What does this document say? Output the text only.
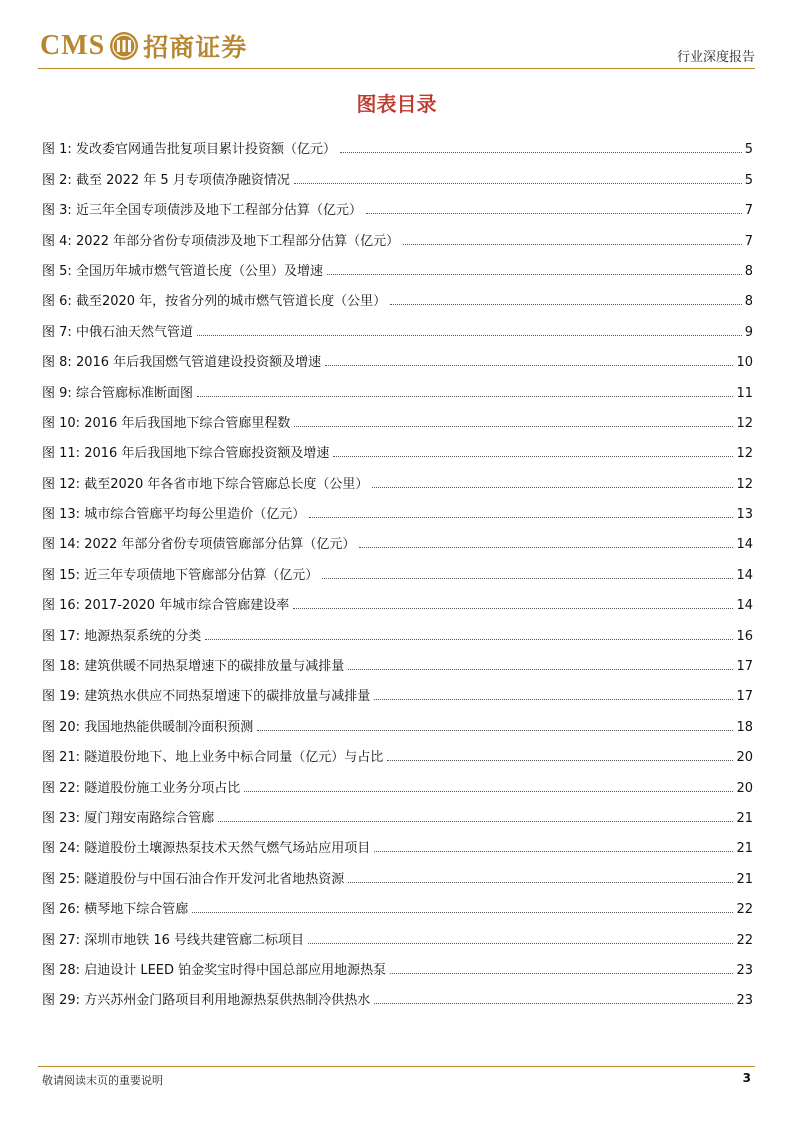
CMS 招商证券	行业深度报告
图表目录
图 1: 发改委官网通告批复项目累计投资额（亿元）	5
图 2: 截至 2022 年 5 月专项债净融资情况	5
图 3: 近三年全国专项债涉及地下工程部分估算（亿元）	7
图 4: 2022 年部分省份专项债涉及地下工程部分估算（亿元）	7
图 5: 全国历年城市燃气管道长度（公里）及增速	8
图 6: 截至2020 年，按省分列的城市燃气管道长度（公里）	8
图 7: 中俄石油天然气管道	9
图 8: 2016 年后我国燃气管道建设投资额及增速	10
图 9: 综合管廊标准断面图	11
图 10: 2016 年后我国地下综合管廊里程数	12
图 11: 2016 年后我国地下综合管廊投资额及增速	12
图 12: 截至2020 年各省市地下综合管廊总长度（公里）	12
图 13: 城市综合管廊平均每公里造价（亿元）	13
图 14: 2022 年部分省份专项债管廊部分估算（亿元）	14
图 15: 近三年专项债地下管廊部分估算（亿元）	14
图 16: 2017-2020 年城市综合管廊建设率	14
图 17: 地源热泵系统的分类	16
图 18: 建筑供暖不同热泵增速下的碳排放量与减排量	17
图 19: 建筑热水供应不同热泵增速下的碳排放量与减排量	17
图 20: 我国地热能供暖制冷面积预测	18
图 21: 隧道股份地下、地上业务中标合同量（亿元）与占比	20
图 22: 隧道股份施工业务分项占比	20
图 23: 厦门翔安南路综合管廊	21
图 24: 隧道股份土壤源热泵技术天然气燃气场站应用项目	21
图 25: 隧道股份与中国石油合作开发河北省地热资源	21
图 26: 横琴地下综合管廊	22
图 27: 深圳市地铁 16 号线共建管廊二标项目	22
图 28: 启迪设计 LEED 铂金奖宝时得中国总部应用地源热泵	23
图 29: 方兴苏州金门路项目利用地源热泵供热制冷供热水	23
敬请阅读末页的重要说明	3
